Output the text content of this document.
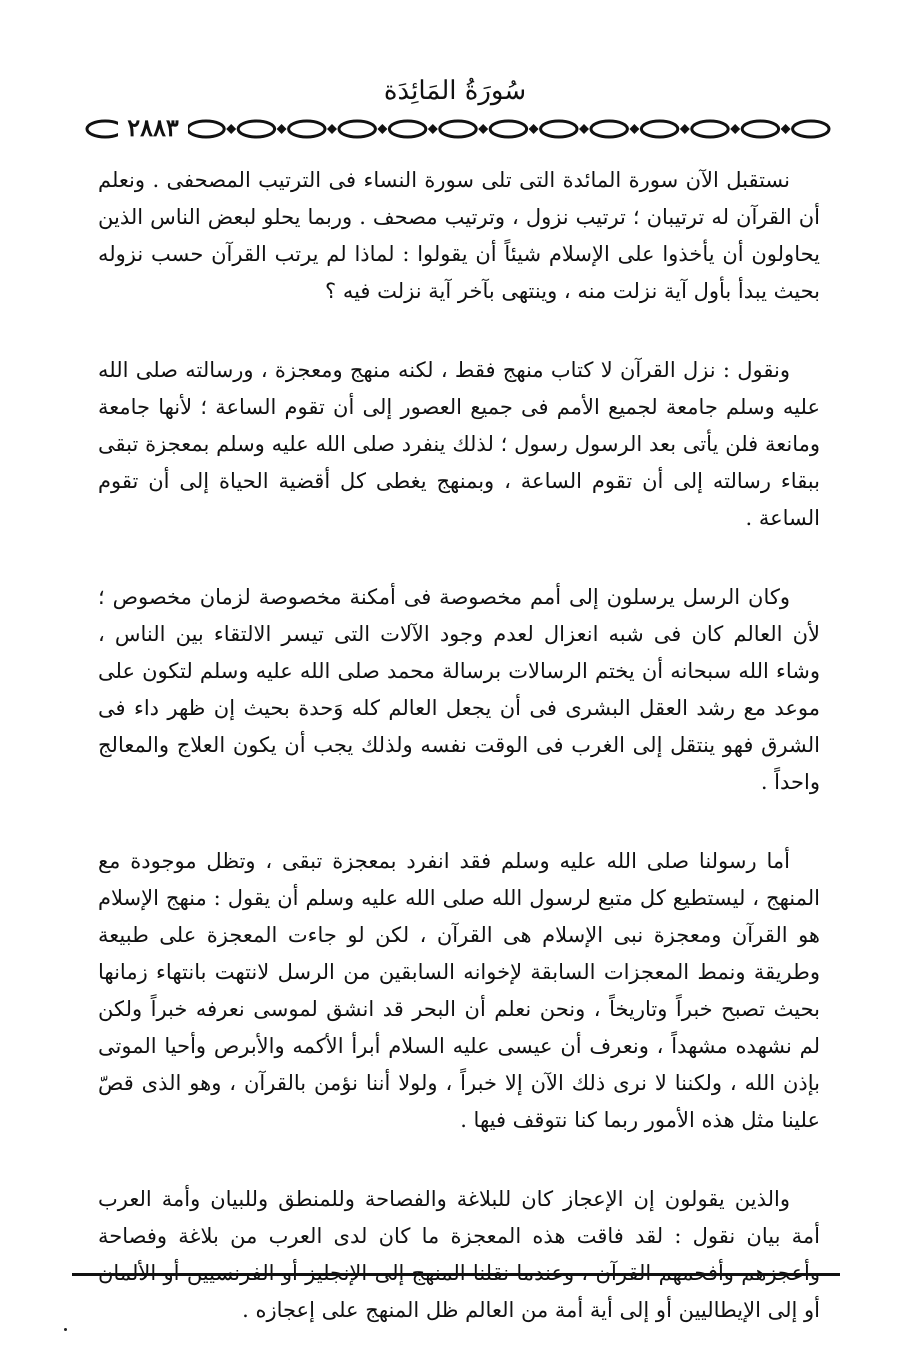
سُورَةُ المَائِدَة
٢٨٨٣

نستقبل الآن سورة المائدة التى تلى سورة النساء فى الترتيب المصحفى . ونعلم أن القرآن له ترتيبان ؛ ترتيب نزول ، وترتيب مصحف . وربما يحلو لبعض الناس الذين يحاولون أن يأخذوا على الإسلام شيئاً أن يقولوا : لماذا لم يرتب القرآن حسب نزوله بحيث يبدأ بأول آية نزلت منه ، وينتهى بآخر آية نزلت فيه ؟

ونقول : نزل القرآن لا كتاب منهج فقط ، لكنه منهج ومعجزة ، ورسالته صلى الله عليه وسلم جامعة لجميع الأمم فى جميع العصور إلى أن تقوم الساعة ؛ لأنها جامعة ومانعة فلن يأتى بعد الرسول رسول ؛ لذلك ينفرد صلى الله عليه وسلم بمعجزة تبقى ببقاء رسالته إلى أن تقوم الساعة ، وبمنهج يغطى كل أقضية الحياة إلى أن تقوم الساعة .

وكان الرسل يرسلون إلى أمم مخصوصة فى أمكنة مخصوصة لزمان مخصوص ؛ لأن العالم كان فى شبه انعزال لعدم وجود الآلات التى تيسر الالتقاء بين الناس ، وشاء الله سبحانه أن يختم الرسالات برسالة محمد صلى الله عليه وسلم لتكون على موعد مع رشد العقل البشرى فى أن يجعل العالم كله وَحدة بحيث إن ظهر داء فى الشرق فهو ينتقل إلى الغرب فى الوقت نفسه ولذلك يجب أن يكون العلاج والمعالج واحداً .

أما رسولنا صلى الله عليه وسلم فقد انفرد بمعجزة تبقى ، وتظل موجودة مع المنهج ، ليستطيع كل متبع لرسول الله صلى الله عليه وسلم أن يقول : منهج الإسلام هو القرآن ومعجزة نبى الإسلام هى القرآن ، لكن لو جاءت المعجزة على طبيعة وطريقة ونمط المعجزات السابقة لإخوانه السابقين من الرسل لانتهت بانتهاء زمانها بحيث تصبح خبراً وتاريخاً ، ونحن نعلم أن البحر قد انشق لموسى نعرفه خبراً ولكن لم نشهده مشهداً ، ونعرف أن عيسى عليه السلام أبرأ الأكمه والأبرص وأحيا الموتى بإذن الله ، ولكننا لا نرى ذلك الآن إلا خبراً ، ولولا أننا نؤمن بالقرآن ، وهو الذى قصّ علينا مثل هذه الأمور ربما كنا نتوقف فيها .

والذين يقولون إن الإعجاز كان للبلاغة والفصاحة وللمنطق وللبيان وأمة العرب أمة بيان نقول : لقد فاقت هذه المعجزة ما كان لدى العرب من بلاغة وفصاحة وأعجزهم وأفحمهم القرآن ، وعندما نقلنا المنهج إلى الإنجليز أو الفرنسيين أو الألمان أو إلى الإيطاليين أو إلى أية أمة من العالم ظل المنهج على إعجازه .
